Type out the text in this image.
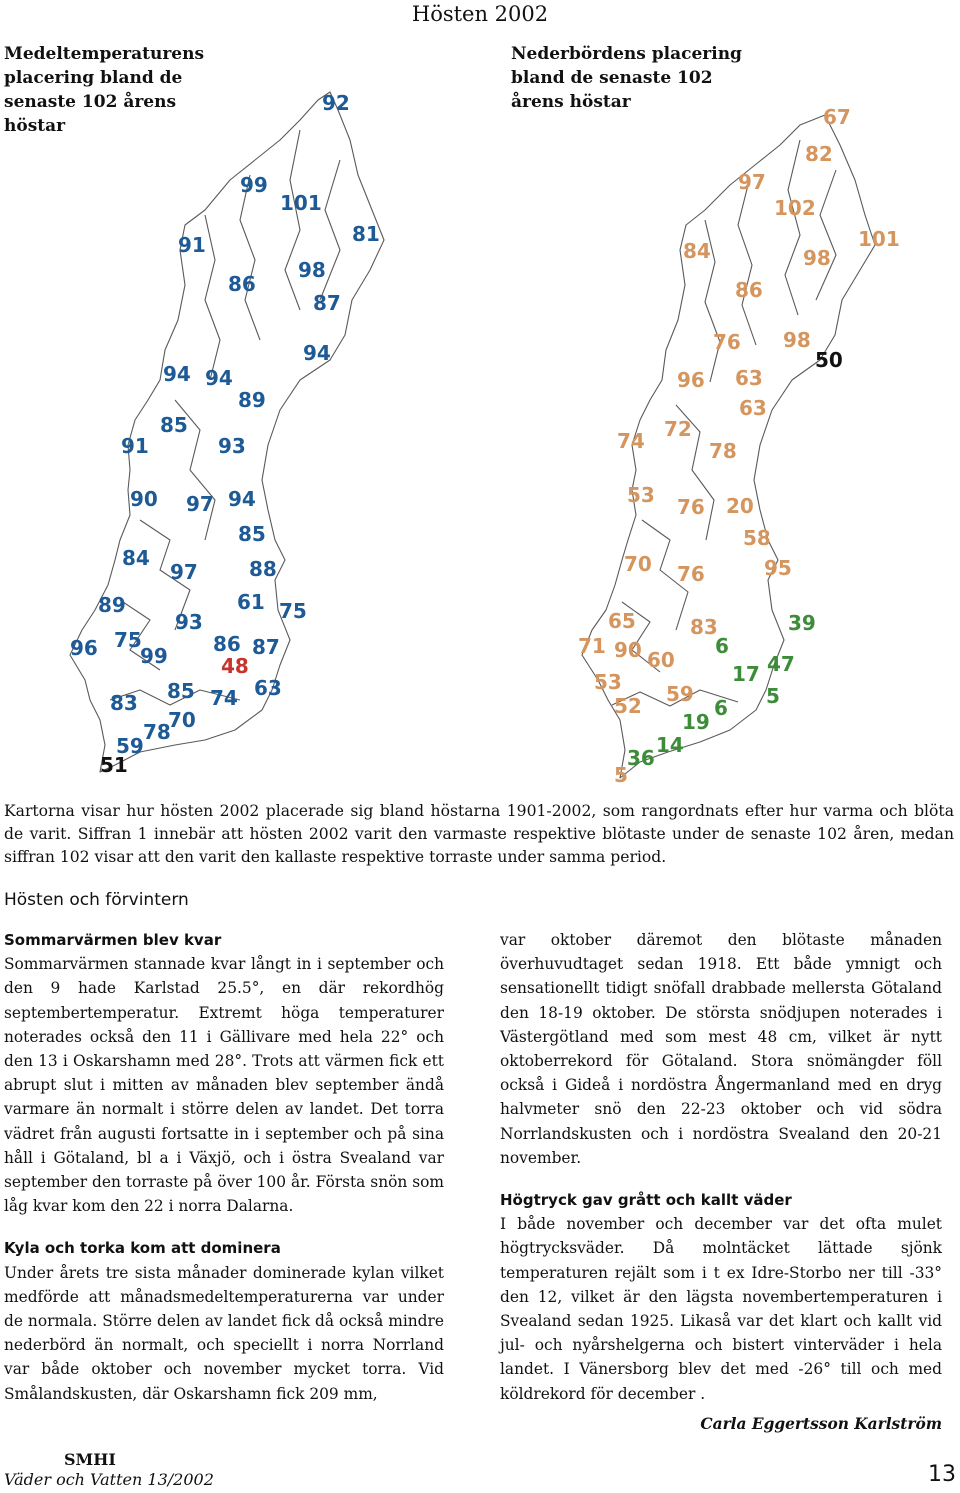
Hösten 2002
Medeltemperaturens
placering bland de
senaste 102 årens
höstar
92
99
101
81
91
86
98
87
94
94 94
89
85
91	93
90 97 94
85
84
97	88
89	61 75
93
96 75
99 86 87
48
85	63
83	74
70
78
59
51
Nederbördens placering
bland de senaste 102
årens höstar
67
82
97
102
101
84	98
86
76 98
50
96 63
63
72
74	78
53 76 20
58
70 76	95
65	83	39
71 90 60
6
47
17
53
5
59
52	6
19
14
36
5
Kartorna visar hur hösten 2002 placerade sig bland höstarna 1901-2002, som rangordnats efter hur varma och blöta de varit. Siffran 1 innebär att hösten 2002 varit den varmaste respektive blötaste under de senaste 102 åren, medan siffran 102 visar att den varit den kallaste respektive torraste under samma period.
Hösten och förvintern
Sommarvärmen blev kvar

Sommarvärmen stannade kvar långt in i september och den 9 hade Karlstad 25.5°, en där rekordhög septembertemperatur. Extremt höga temperaturer noterades också den 11 i Gällivare med hela 22° och den 13 i Oskarshamn med 28°. Trots att värmen fick ett abrupt slut i mitten av månaden blev september ändå varmare än normalt i större delen av landet. Det torra vädret från augusti fortsatte in i september och på sina håll i Götaland, bl a i Växjö, och i östra Svealand var september den torraste på över 100 år. Första snön som låg kvar kom den 22 i norra Dalarna.

Kyla och torka kom att dominera

Under årets tre sista månader dominerade kylan vilket medförde att månadsmedeltemperaturerna var under de normala. Större delen av landet fick då också mindre nederbörd än normalt, och speciellt i norra Norrland var både oktober och november mycket torra. Vid Smålandskusten, där Oskarshamn fick 209 mm,

var oktober däremot den blötaste månaden överhuvudtaget sedan 1918. Ett både ymnigt och sensationellt tidigt snöfall drabbade mellersta Götaland den 18-19 oktober. De största snödjupen noterades i Västergötland med som mest 48 cm, vilket är nytt oktoberrekord för Götaland. Stora snömängder föll också i Gideå i nordöstra Ångermanland med en dryg halvmeter snö den 22-23 oktober och vid södra Norrlandskusten och i nordöstra Svealand den 20-21 november.

Högtryck gav grått och kallt väder

I både november och december var det ofta mulet högtrycksväder. Då molntäcket lättade sjönk temperaturen rejält som i t ex Idre-Storbo ner till -33° den 12, vilket är den lägsta novembertemperaturen i Svealand sedan 1925. Likaså var det klart och kallt vid jul- och nyårshelgerna och bistert vinterväder i hela landet. I Vänersborg blev det med -26° till och med köldrekord för december .

Carla Eggertsson Karlström
SMHI
Väder och Vatten 13/2002	13
